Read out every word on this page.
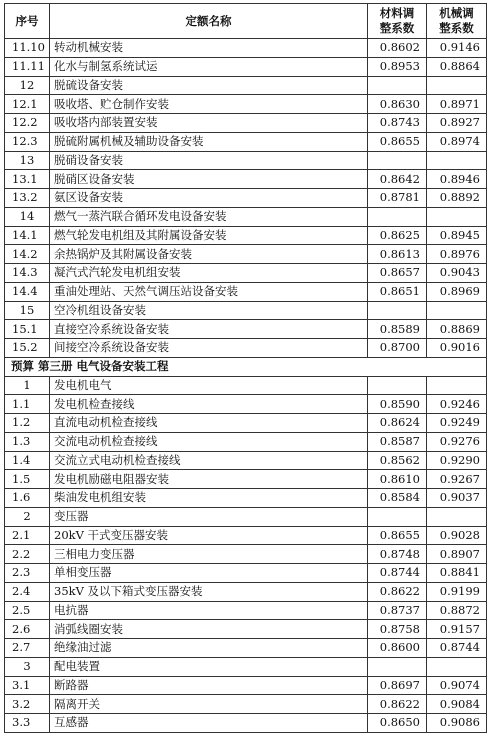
序号	定额名称	材料调整系数	机械调整系数

11.10	转动机械安装	0.8602	0.9146
11.11	化水与制氢系统试运	0.8953	0.8864
12	脱硫设备安装		
12.1	吸收塔、贮仓制作安装	0.8630	0.8971
12.2	吸收塔内部装置安装	0.8743	0.8927
12.3	脱硫附属机械及辅助设备安装	0.8655	0.8974
13	脱硝设备安装		
13.1	脱硝区设备安装	0.8642	0.8946
13.2	氨区设备安装	0.8781	0.8892
14	燃气一蒸汽联合循环发电设备安装		
14.1	燃气轮发电机组及其附属设备安装	0.8625	0.8945
14.2	余热锅炉及其附属设备安装	0.8613	0.8976
14.3	凝汽式汽轮发电机组安装	0.8657	0.9043
14.4	重油处理站、天然气调压站设备安装	0.8651	0.8969
15	空冷机组设备安装		
15.1	直接空冷系统设备安装	0.8589	0.8869
15.2	间接空冷系统设备安装	0.8700	0.9016
预算 第三册 电气设备安装工程			
1	发电机电气		
1.1	发电机检查接线	0.8590	0.9246
1.2	直流电动机检查接线	0.8624	0.9249
1.3	交流电动机检查接线	0.8587	0.9276
1.4	交流立式电动机检查接线	0.8562	0.9290
1.5	发电机励磁电阻器安装	0.8610	0.9267
1.6	柴油发电机组安装	0.8584	0.9037
2	变压器		
2.1	20kV 干式变压器安装	0.8655	0.9028
2.2	三相电力变压器	0.8748	0.8907
2.3	单相变压器	0.8744	0.8841
2.4	35kV 及以下箱式变压器安装	0.8622	0.9199
2.5	电抗器	0.8737	0.8872
2.6	消弧线圈安装	0.8758	0.9157
2.7	绝缘油过滤	0.8600	0.8744
3	配电装置		
3.1	断路器	0.8697	0.9074
3.2	隔离开关	0.8622	0.9084
3.3	互感器	0.8650	0.9086
